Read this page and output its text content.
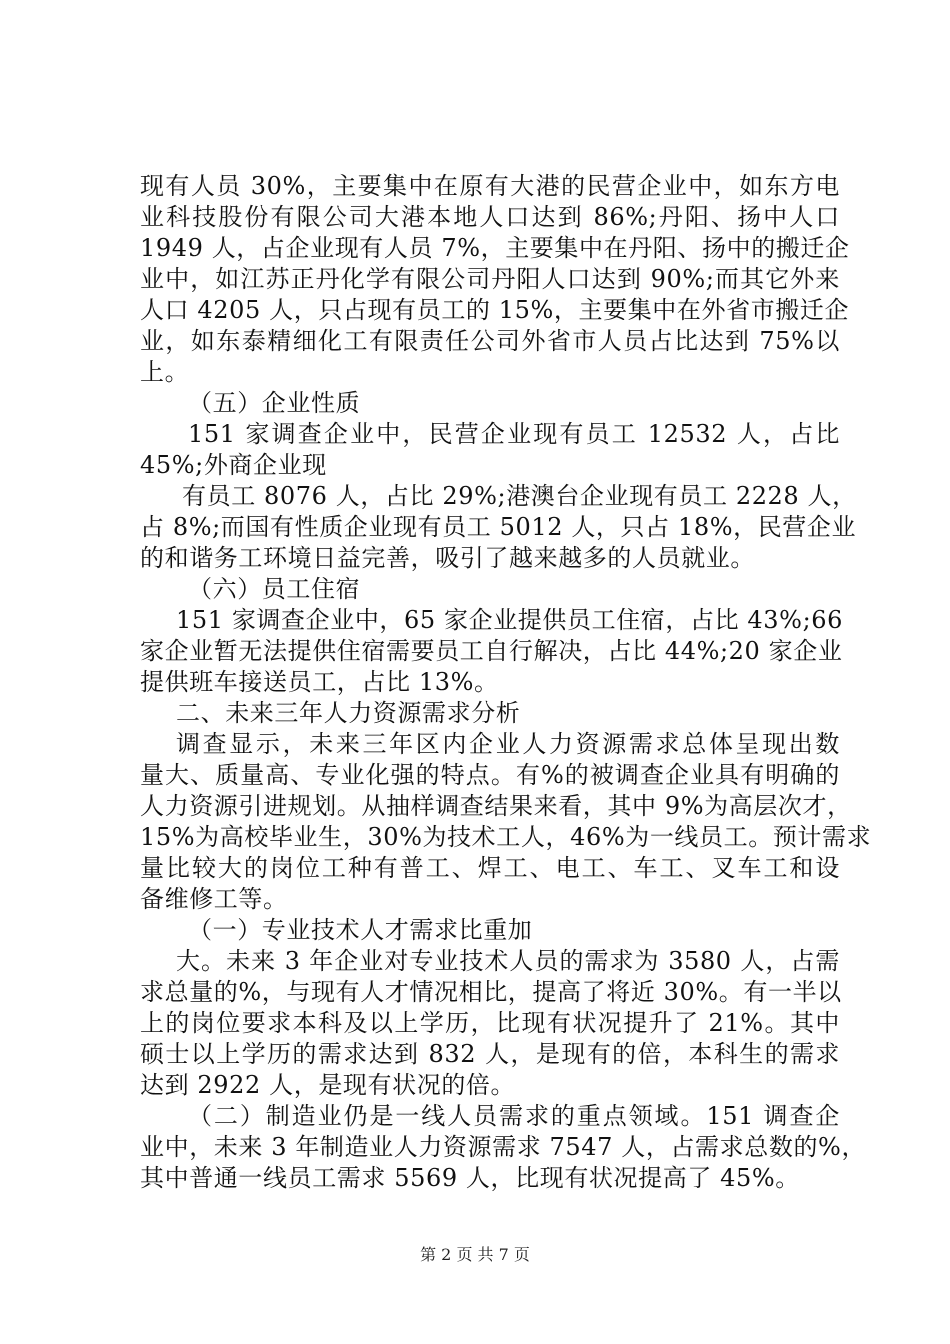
现有人员 30%，主要集中在原有大港的民营企业中，如东方电
业科技股份有限公司大港本地人口达到 86%;丹阳、扬中人口
1949 人，占企业现有人员 7%，主要集中在丹阳、扬中的搬迁企
业中，如江苏正丹化学有限公司丹阳人口达到 90%;而其它外来
人口 4205 人，只占现有员工的 15%，主要集中在外省市搬迁企
业，如东泰精细化工有限责任公司外省市人员占比达到 75%以
上。
（五）企业性质
151 家调查企业中，民营企业现有员工 12532 人，占比
45%;外商企业现
有员工 8076 人，占比 29%;港澳台企业现有员工 2228 人，
占 8%;而国有性质企业现有员工 5012 人，只占 18%，民营企业
的和谐务工环境日益完善，吸引了越来越多的人员就业。
（六）员工住宿
151 家调查企业中，65 家企业提供员工住宿，占比 43%;66
家企业暂无法提供住宿需要员工自行解决，占比 44%;20 家企业
提供班车接送员工，占比 13%。
二、未来三年人力资源需求分析
调查显示，未来三年区内企业人力资源需求总体呈现出数
量大、质量高、专业化强的特点。有%的被调查企业具有明确的
人力资源引进规划。从抽样调查结果来看，其中 9%为高层次才，
15%为高校毕业生，30%为技术工人，46%为一线员工。预计需求
量比较大的岗位工种有普工、焊工、电工、车工、叉车工和设
备维修工等。
（一）专业技术人才需求比重加
大。未来 3 年企业对专业技术人员的需求为 3580 人，占需
求总量的%，与现有人才情况相比，提高了将近 30%。有一半以
上的岗位要求本科及以上学历，比现有状况提升了 21%。其中
硕士以上学历的需求达到 832 人，是现有的倍，本科生的需求
达到 2922 人，是现有状况的倍。
（二）制造业仍是一线人员需求的重点领域。151 调查企
业中，未来 3 年制造业人力资源需求 7547 人，占需求总数的%，
其中普通一线员工需求 5569 人，比现有状况提高了 45%。
第 2 页 共 7 页
